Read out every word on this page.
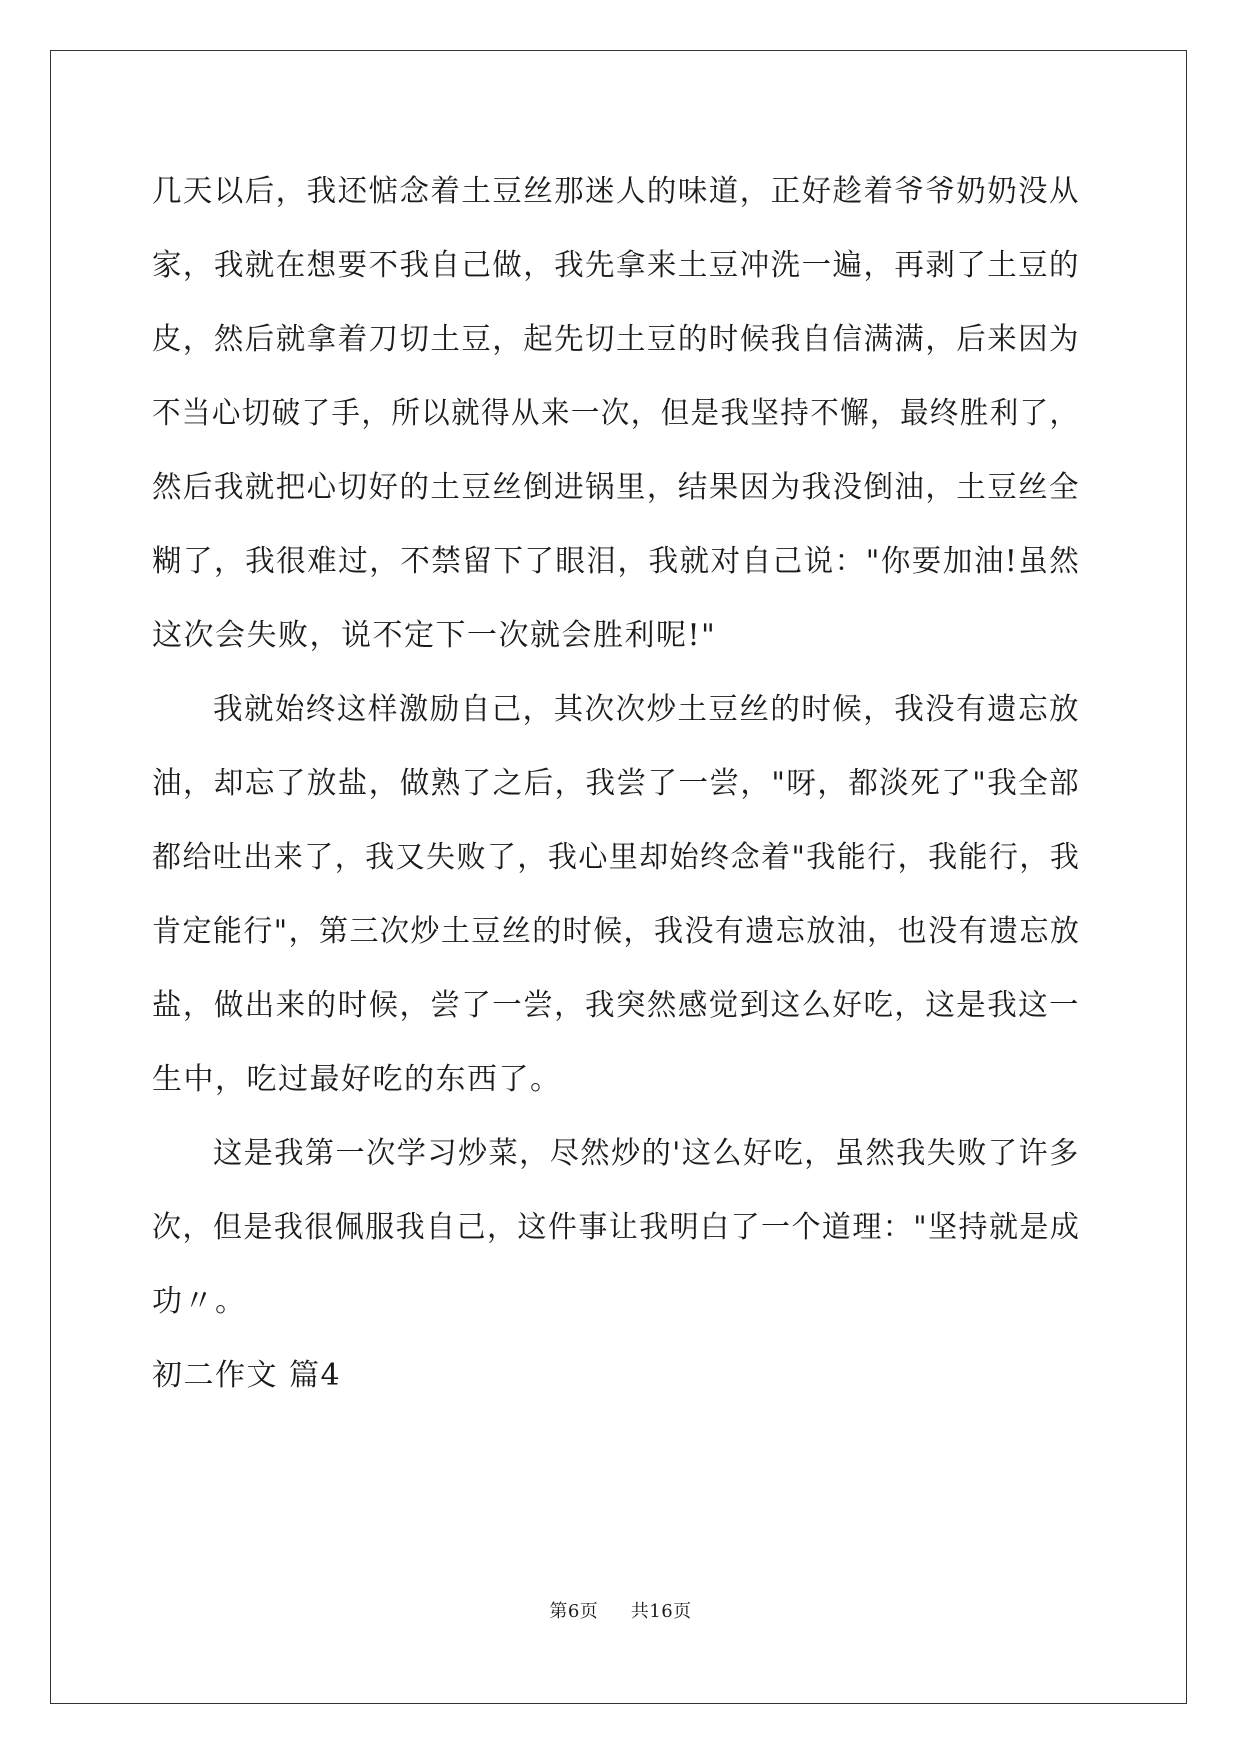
几天以后，我还惦念着土豆丝那迷人的味道，正好趁着爷爷奶奶没从
家，我就在想要不我自己做，我先拿来土豆冲洗一遍，再剥了土豆的
皮，然后就拿着刀切土豆，起先切土豆的时候我自信满满，后来因为
不当心切破了手，所以就得从来一次，但是我坚持不懈，最终胜利了，
然后我就把心切好的土豆丝倒进锅里，结果因为我没倒油，土豆丝全
糊了，我很难过，不禁留下了眼泪，我就对自己说："你要加油!虽然
这次会失败，说不定下一次就会胜利呢!"
我就始终这样激励自己，其次次炒土豆丝的时候，我没有遗忘放
油，却忘了放盐，做熟了之后，我尝了一尝，"呀，都淡死了"我全部
都给吐出来了，我又失败了，我心里却始终念着"我能行，我能行，我
肯定能行"，第三次炒土豆丝的时候，我没有遗忘放油，也没有遗忘放
盐，做出来的时候，尝了一尝，我突然感觉到这么好吃，这是我这一
生中，吃过最好吃的东西了。
这是我第一次学习炒菜，尽然炒的'这么好吃，虽然我失败了许多
次，但是我很佩服我自己，这件事让我明白了一个道理："坚持就是成
功〃。
初二作文 篇4
第6页 共16页
